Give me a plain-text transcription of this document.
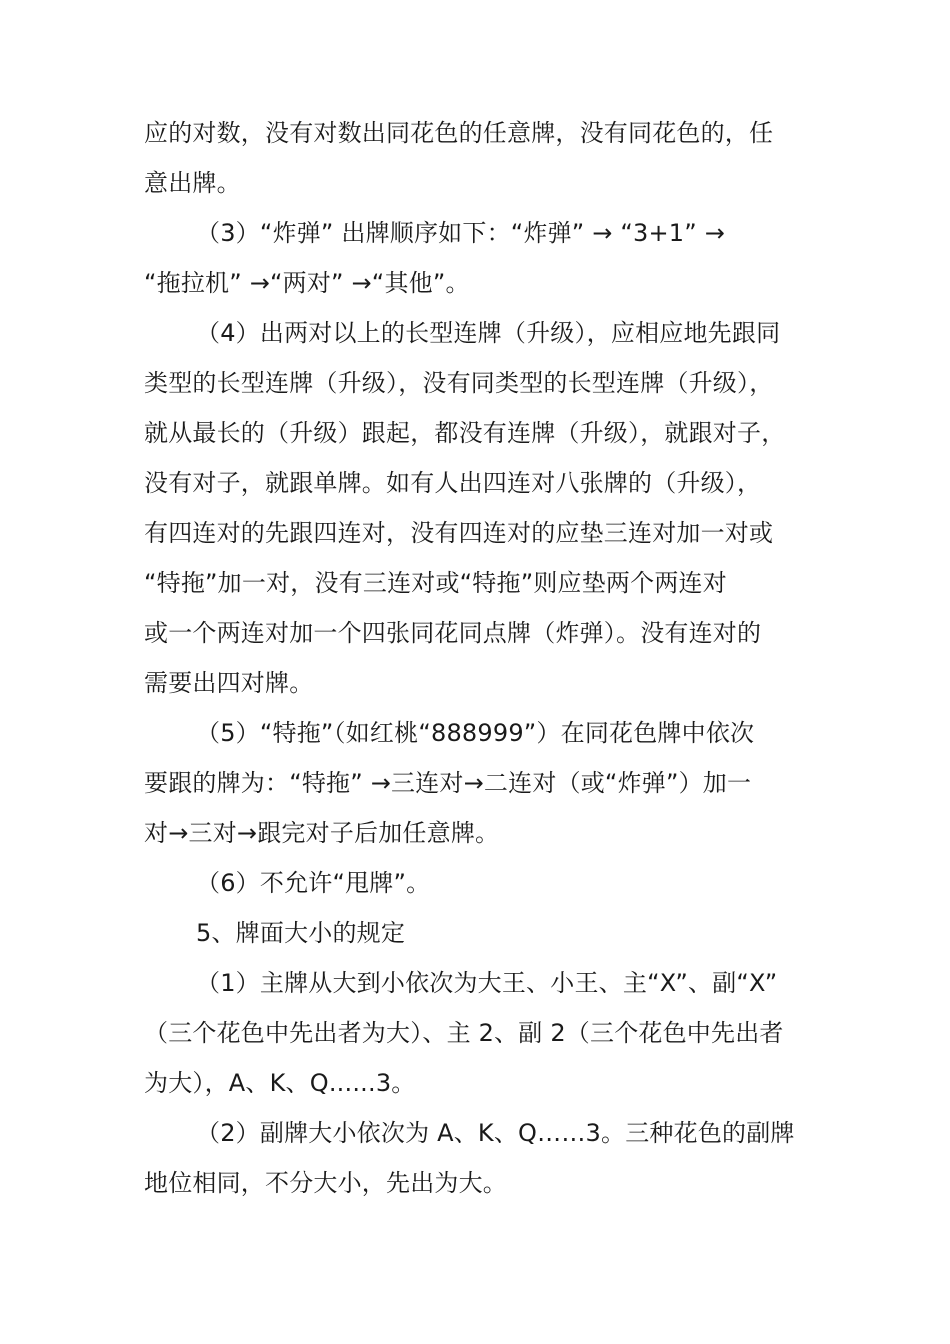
应的对数，没有对数出同花色的任意牌，没有同花色的，任
意出牌。
（3）“炸弹” 出牌顺序如下：“炸弹” → “3+1” →
“拖拉机” →“两对” →“其他”。
（4）出两对以上的长型连牌（升级），应相应地先跟同
类型的长型连牌（升级），没有同类型的长型连牌（升级），
就从最长的（升级）跟起，都没有连牌（升级），就跟对子，
没有对子，就跟单牌。如有人出四连对八张牌的（升级），
有四连对的先跟四连对，没有四连对的应垫三连对加一对或
“特拖”加一对，没有三连对或“特拖”则应垫两个两连对
或一个两连对加一个四张同花同点牌（炸弹）。没有连对的
需要出四对牌。
（5）“特拖”（如红桃“888999”）在同花色牌中依次
要跟的牌为：“特拖” →三连对→二连对（或“炸弹”）加一
对→三对→跟完对子后加任意牌。
（6）不允许“甩牌”。
5、牌面大小的规定
（1）主牌从大到小依次为大王、小王、主“X”、副“X”
（三个花色中先出者为大）、主 2、副 2（三个花色中先出者
为大），A、K、Q......3。
（2）副牌大小依次为 A、K、Q……3。三种花色的副牌
地位相同，不分大小，先出为大。
